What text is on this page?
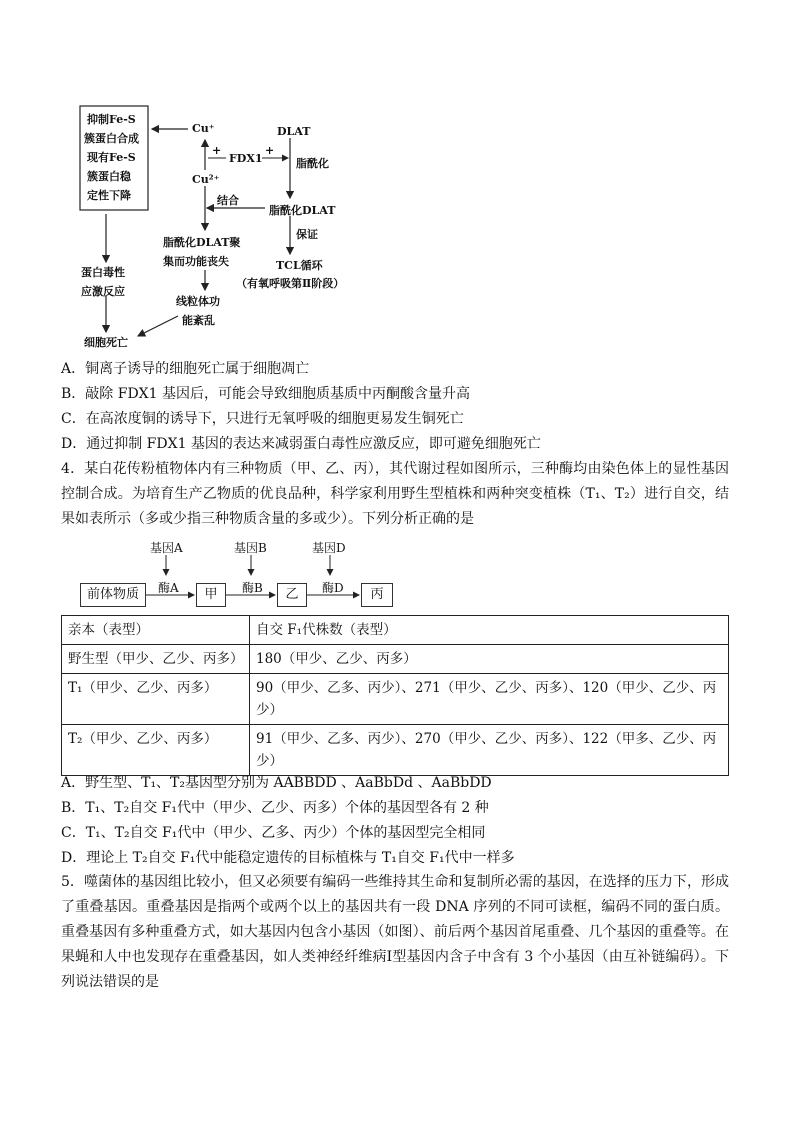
抑制Fe-S
簇蛋白合成
现有Fe-S
簇蛋白稳
定性下降
Cu⁺
Cu²⁺
+	+
FDX1
DLAT
脂酰化
结合
脂酰化DLAT
保证
TCL循环
（有氧呼吸第Ⅱ阶段）
脂酰化DLAT聚
集而功能丧失
线粒体功
能紊乱
蛋白毒性
应激反应
细胞死亡
A．铜离子诱导的细胞死亡属于细胞凋亡
B．敲除 FDX1 基因后，可能会导致细胞质基质中丙酮酸含量升高
C．在高浓度铜的诱导下，只进行无氧呼吸的细胞更易发生铜死亡
D．通过抑制 FDX1 基因的表达来减弱蛋白毒性应激反应，即可避免细胞死亡
4．某白花传粉植物体内有三种物质（甲、乙、丙），其代谢过程如图所示，三种酶均由染色体上的显性基因控制合成。为培育生产乙物质的优良品种，科学家利用野生型植株和两种突变植株（T₁、T₂）进行自交，结果如表所示（多或少指三种物质含量的多或少）。下列分析正确的是
基因A	基因B	基因D
酶A	酶B	酶D
前体物质	甲	乙	丙
亲本（表型）	自交 F₁代株数（表型）
野生型（甲少、乙少、丙多）	180（甲少、乙少、丙多）
T₁（甲少、乙少、丙多）	90（甲少、乙多、丙少）、271（甲少、乙少、丙多）、120（甲少、乙少、丙少）
T₂（甲少、乙少、丙多）	91（甲少、乙多、丙少）、270（甲少、乙少、丙多）、122（甲多、乙少、丙少）
A．野生型、T₁、T₂基因型分别为 AABBDD 、AaBbDd 、AaBbDD
B．T₁、T₂自交 F₁代中（甲少、乙少、丙多）个体的基因型各有 2 种
C．T₁、T₂自交 F₁代中（甲少、乙多、丙少）个体的基因型完全相同
D．理论上 T₂自交 F₁代中能稳定遗传的目标植株与 T₁自交 F₁代中一样多
5．噬菌体的基因组比较小，但又必须要有编码一些维持其生命和复制所必需的基因，在选择的压力下，形成了重叠基因。重叠基因是指两个或两个以上的基因共有一段 DNA 序列的不同可读框，编码不同的蛋白质。重叠基因有多种重叠方式，如大基因内包含小基因（如图）、前后两个基因首尾重叠、几个基因的重叠等。在果蝇和人中也发现存在重叠基因，如人类神经纤维病Ⅰ型基因内含子中含有 3 个小基因（由互补链编码）。下列说法错误的是
